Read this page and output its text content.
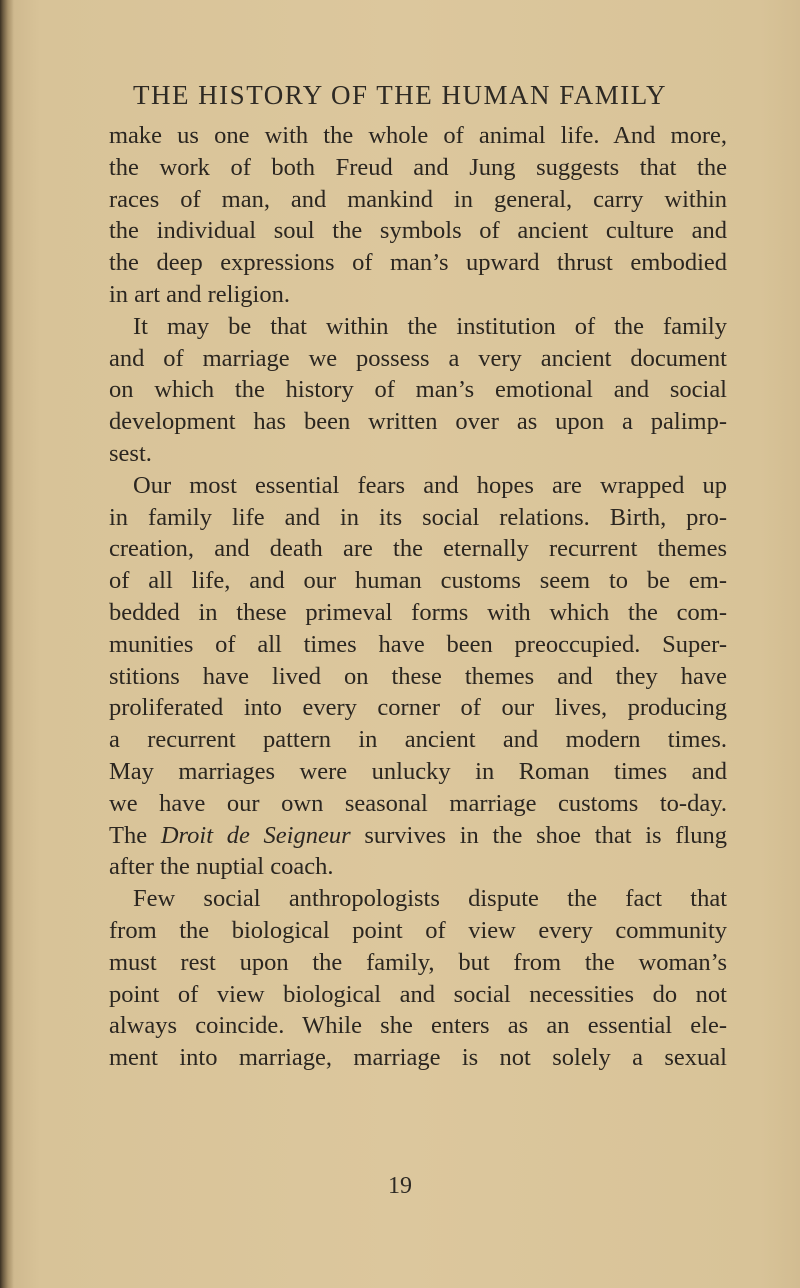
THE HISTORY OF THE HUMAN FAMILY
make us one with the whole of animal life. And more,
the work of both Freud and Jung suggests that the
races of man, and mankind in general, carry within
the individual soul the symbols of ancient culture and
the deep expressions of man’s upward thrust embodied
in art and religion.
It may be that within the institution of the family
and of marriage we possess a very ancient document
on which the history of man’s emotional and social
development has been written over as upon a palimp-
sest.
Our most essential fears and hopes are wrapped up
in family life and in its social relations. Birth, pro-
creation, and death are the eternally recurrent themes
of all life, and our human customs seem to be em-
bedded in these primeval forms with which the com-
munities of all times have been preoccupied. Super-
stitions have lived on these themes and they have
proliferated into every corner of our lives, producing
a recurrent pattern in ancient and modern times.
May marriages were unlucky in Roman times and
we have our own seasonal marriage customs to-day.
The Droit de Seigneur survives in the shoe that is flung
after the nuptial coach.
Few social anthropologists dispute the fact that
from the biological point of view every community
must rest upon the family, but from the woman’s
point of view biological and social necessities do not
always coincide. While she enters as an essential ele-
ment into marriage, marriage is not solely a sexual
19
